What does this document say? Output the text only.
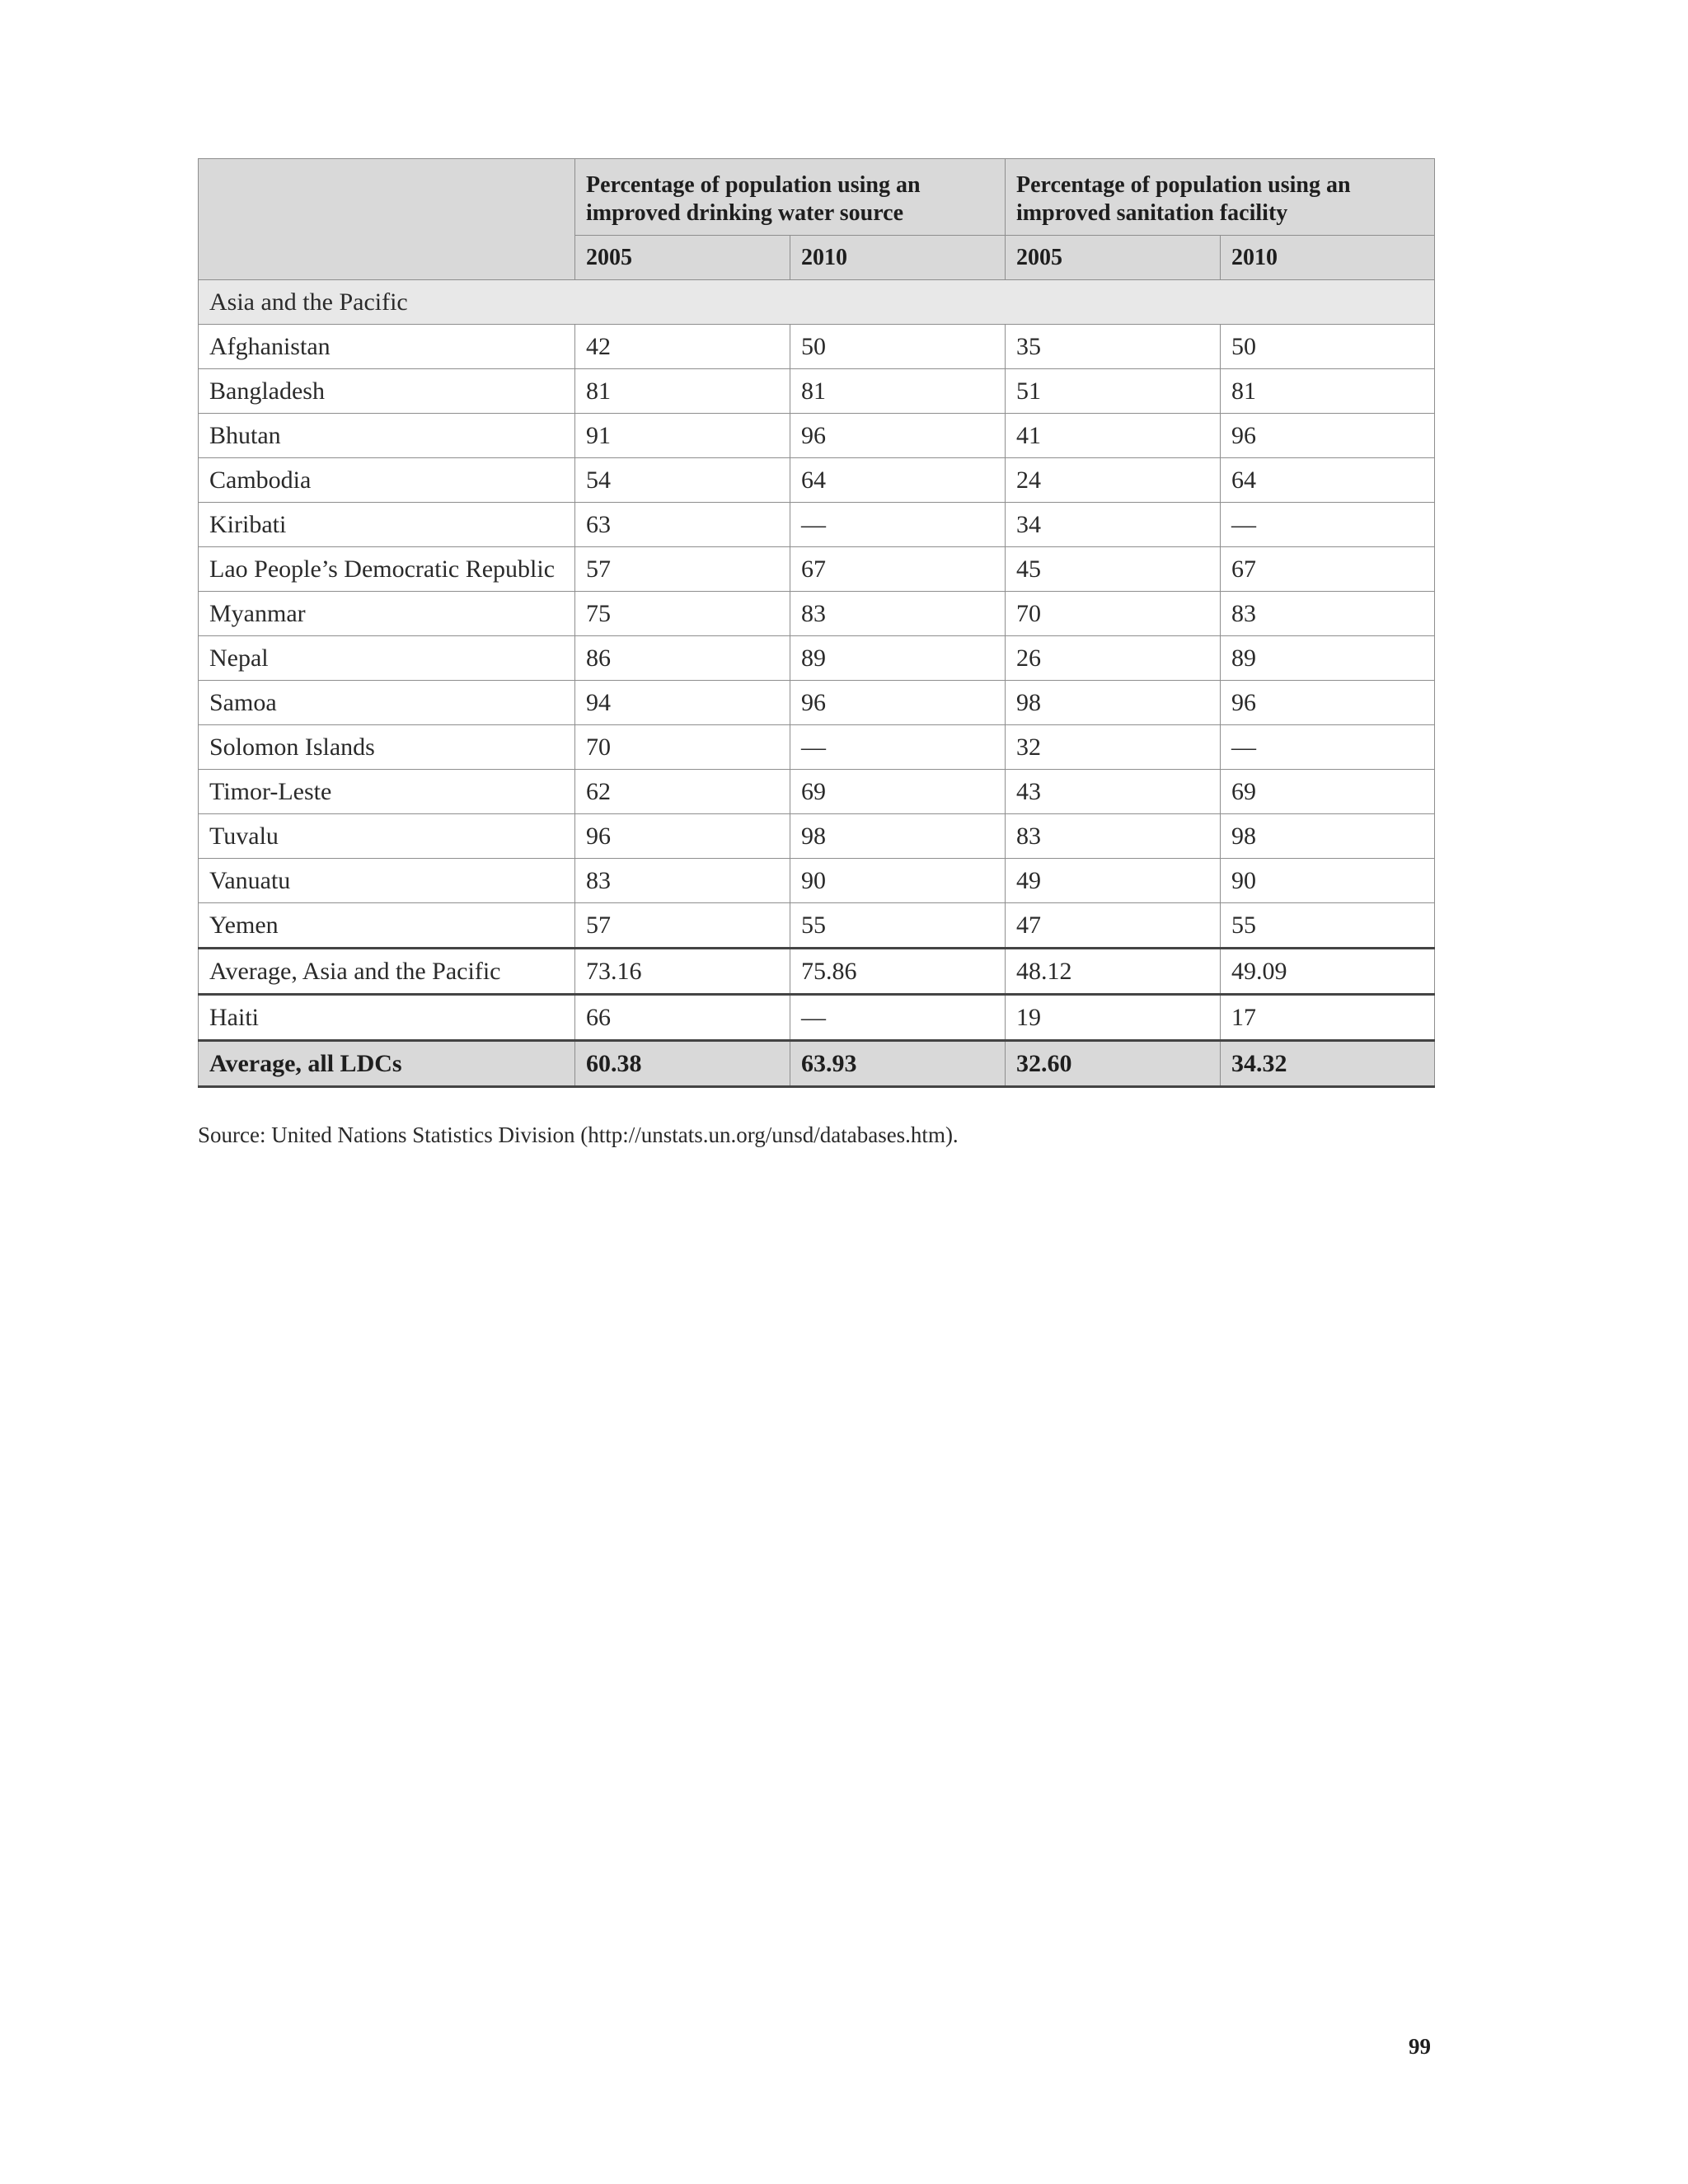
	Percentage of population using an improved drinking water source		Percentage of population using an improved sanitation facility	
	2005	2010	2005	2010
Asia and the Pacific				
Afghanistan	42	50	35	50
Bangladesh	81	81	51	81
Bhutan	91	96	41	96
Cambodia	54	64	24	64
Kiribati	63	—	34	—
Lao People’s Democratic Republic	57	67	45	67
Myanmar	75	83	70	83
Nepal	86	89	26	89
Samoa	94	96	98	96
Solomon Islands	70	—	32	—
Timor-Leste	62	69	43	69
Tuvalu	96	98	83	98
Vanuatu	83	90	49	90
Yemen	57	55	47	55
Average, Asia and the Pacific	73.16	75.86	48.12	49.09
Haiti	66	—	19	17
Average, all LDCs	60.38	63.93	32.60	34.32
Source: United Nations Statistics Division (http://unstats.un.org/unsd/databases.htm).
99
